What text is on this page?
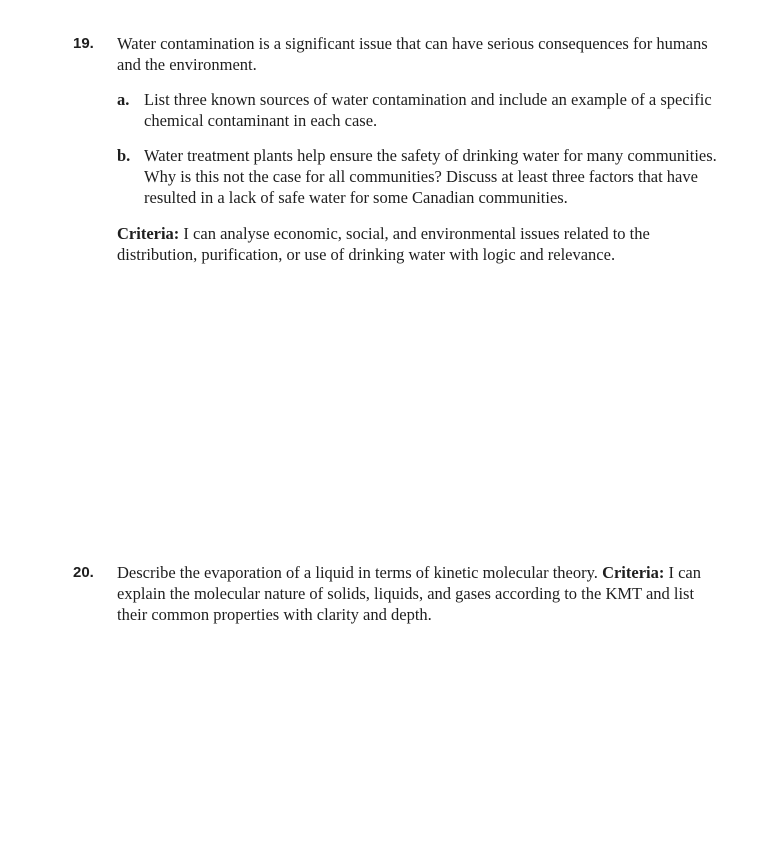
19. Water contamination is a significant issue that can have serious consequences for humans and the environment.
a. List three known sources of water contamination and include an example of a specific chemical contaminant in each case.
b. Water treatment plants help ensure the safety of drinking water for many communities. Why is this not the case for all communities? Discuss at least three factors that have resulted in a lack of safe water for some Canadian communities.
Criteria: I can analyse economic, social, and environmental issues related to the distribution, purification, or use of drinking water with logic and relevance.
20. Describe the evaporation of a liquid in terms of kinetic molecular theory. Criteria: I can explain the molecular nature of solids, liquids, and gases according to the KMT and list their common properties with clarity and depth.
